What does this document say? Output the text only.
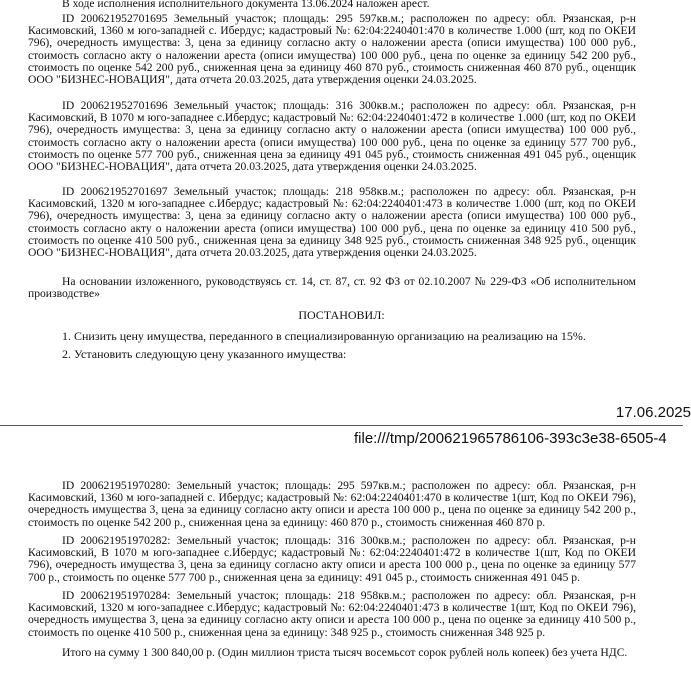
В ходе исполнения исполнительного документа 13.06.2024 наложен арест.
ID 200621952701695 Земельный участок; площадь: 295 597кв.м.; расположен по адресу: обл. Рязанская, р-н Касимовский, 1360 м юго-западней с. Ибердус; кадастровый №: 62:04:2240401:470 в количестве 1.000 (шт, код по ОКЕИ 796), очередность имущества: 3, цена за единицу согласно акту о наложении ареста (описи имущества) 100 000 руб., стоимость согласно акту о наложении ареста (описи имущества) 100 000 руб., цена по оценке за единицу 542 200 руб., стоимость по оценке 542 200 руб., сниженная цена за единицу 460 870 руб., стоимость сниженная 460 870 руб., оценщик ООО "БИЗНЕС-НОВАЦИЯ", дата отчета 20.03.2025, дата утверждения оценки 24.03.2025.
ID 200621952701696 Земельный участок; площадь: 316 300кв.м.; расположен по адресу: обл. Рязанская, р-н Касимовский, В 1070 м юго-западнее с.Ибердус; кадастровый №: 62:04:2240401:472 в количестве 1.000 (шт, код по ОКЕИ 796), очередность имущества: 3, цена за единицу согласно акту о наложении ареста (описи имущества) 100 000 руб., стоимость согласно акту о наложении ареста (описи имущества) 100 000 руб., цена по оценке за единицу 577 700 руб., стоимость по оценке 577 700 руб., сниженная цена за единицу 491 045 руб., стоимость сниженная 491 045 руб., оценщик ООО "БИЗНЕС-НОВАЦИЯ", дата отчета 20.03.2025, дата утверждения оценки 24.03.2025.
ID 200621952701697 Земельный участок; площадь: 218 958кв.м.; расположен по адресу: обл. Рязанская, р-н Касимовский, 1320 м юго-западнее с.Ибердус; кадастровый №: 62:04:2240401:473 в количестве 1.000 (шт, код по ОКЕИ 796), очередность имущества: 3, цена за единицу согласно акту о наложении ареста (описи имущества) 100 000 руб., стоимость согласно акту о наложении ареста (описи имущества) 100 000 руб., цена по оценке за единицу 410 500 руб., стоимость по оценке 410 500 руб., сниженная цена за единицу 348 925 руб., стоимость сниженная 348 925 руб., оценщик ООО "БИЗНЕС-НОВАЦИЯ", дата отчета 20.03.2025, дата утверждения оценки 24.03.2025.
На основании изложенного, руководствуясь ст. 14, ст. 87, ст. 92 ФЗ от 02.10.2007 № 229-ФЗ «Об исполнительном производстве»
ПОСТАНОВИЛ:
1. Снизить цену имущества, переданного в специализированную организацию на реализацию на 15%.
2. Установить следующую цену указанного имущества:
17.06.2025
file:///tmp/200621965786106-393c3e38-6505-4
ID 200621951970280: Земельный участок; площадь: 295 597кв.м.; расположен по адресу: обл. Рязанская, р-н Касимовский, 1360 м юго-западней с. Ибердус; кадастровый №: 62:04:2240401:470 в количестве 1(шт, Код по ОКЕИ 796), очередность имущества 3, цена за единицу согласно акту описи и ареста 100 000 р., цена по оценке за единицу 542 200 р., стоимость по оценке 542 200 р., сниженная цена за единицу: 460 870 р., стоимость сниженная 460 870 р.
ID 200621951970282: Земельный участок; площадь: 316 300кв.м.; расположен по адресу: обл. Рязанская, р-н Касимовский, В 1070 м юго-западнее с.Ибердус; кадастровый №: 62:04:2240401:472 в количестве 1(шт, Код по ОКЕИ 796), очередность имущества 3, цена за единицу согласно акту описи и ареста 100 000 р., цена по оценке за единицу 577 700 р., стоимость по оценке 577 700 р., сниженная цена за единицу: 491 045 р., стоимость сниженная 491 045 р.
ID 200621951970284: Земельный участок; площадь: 218 958кв.м.; расположен по адресу: обл. Рязанская, р-н Касимовский, 1320 м юго-западнее с.Ибердус; кадастровый №: 62:04:2240401:473 в количестве 1(шт, Код по ОКЕИ 796), очередность имущества 3, цена за единицу согласно акту описи и ареста 100 000 р., цена по оценке за единицу 410 500 р., стоимость по оценке 410 500 р., сниженная цена за единицу: 348 925 р., стоимость сниженная 348 925 р.
Итого на сумму 1 300 840,00 р. (Один миллион триста тысяч восемьсот сорок рублей ноль копеек) без учета НДС.
